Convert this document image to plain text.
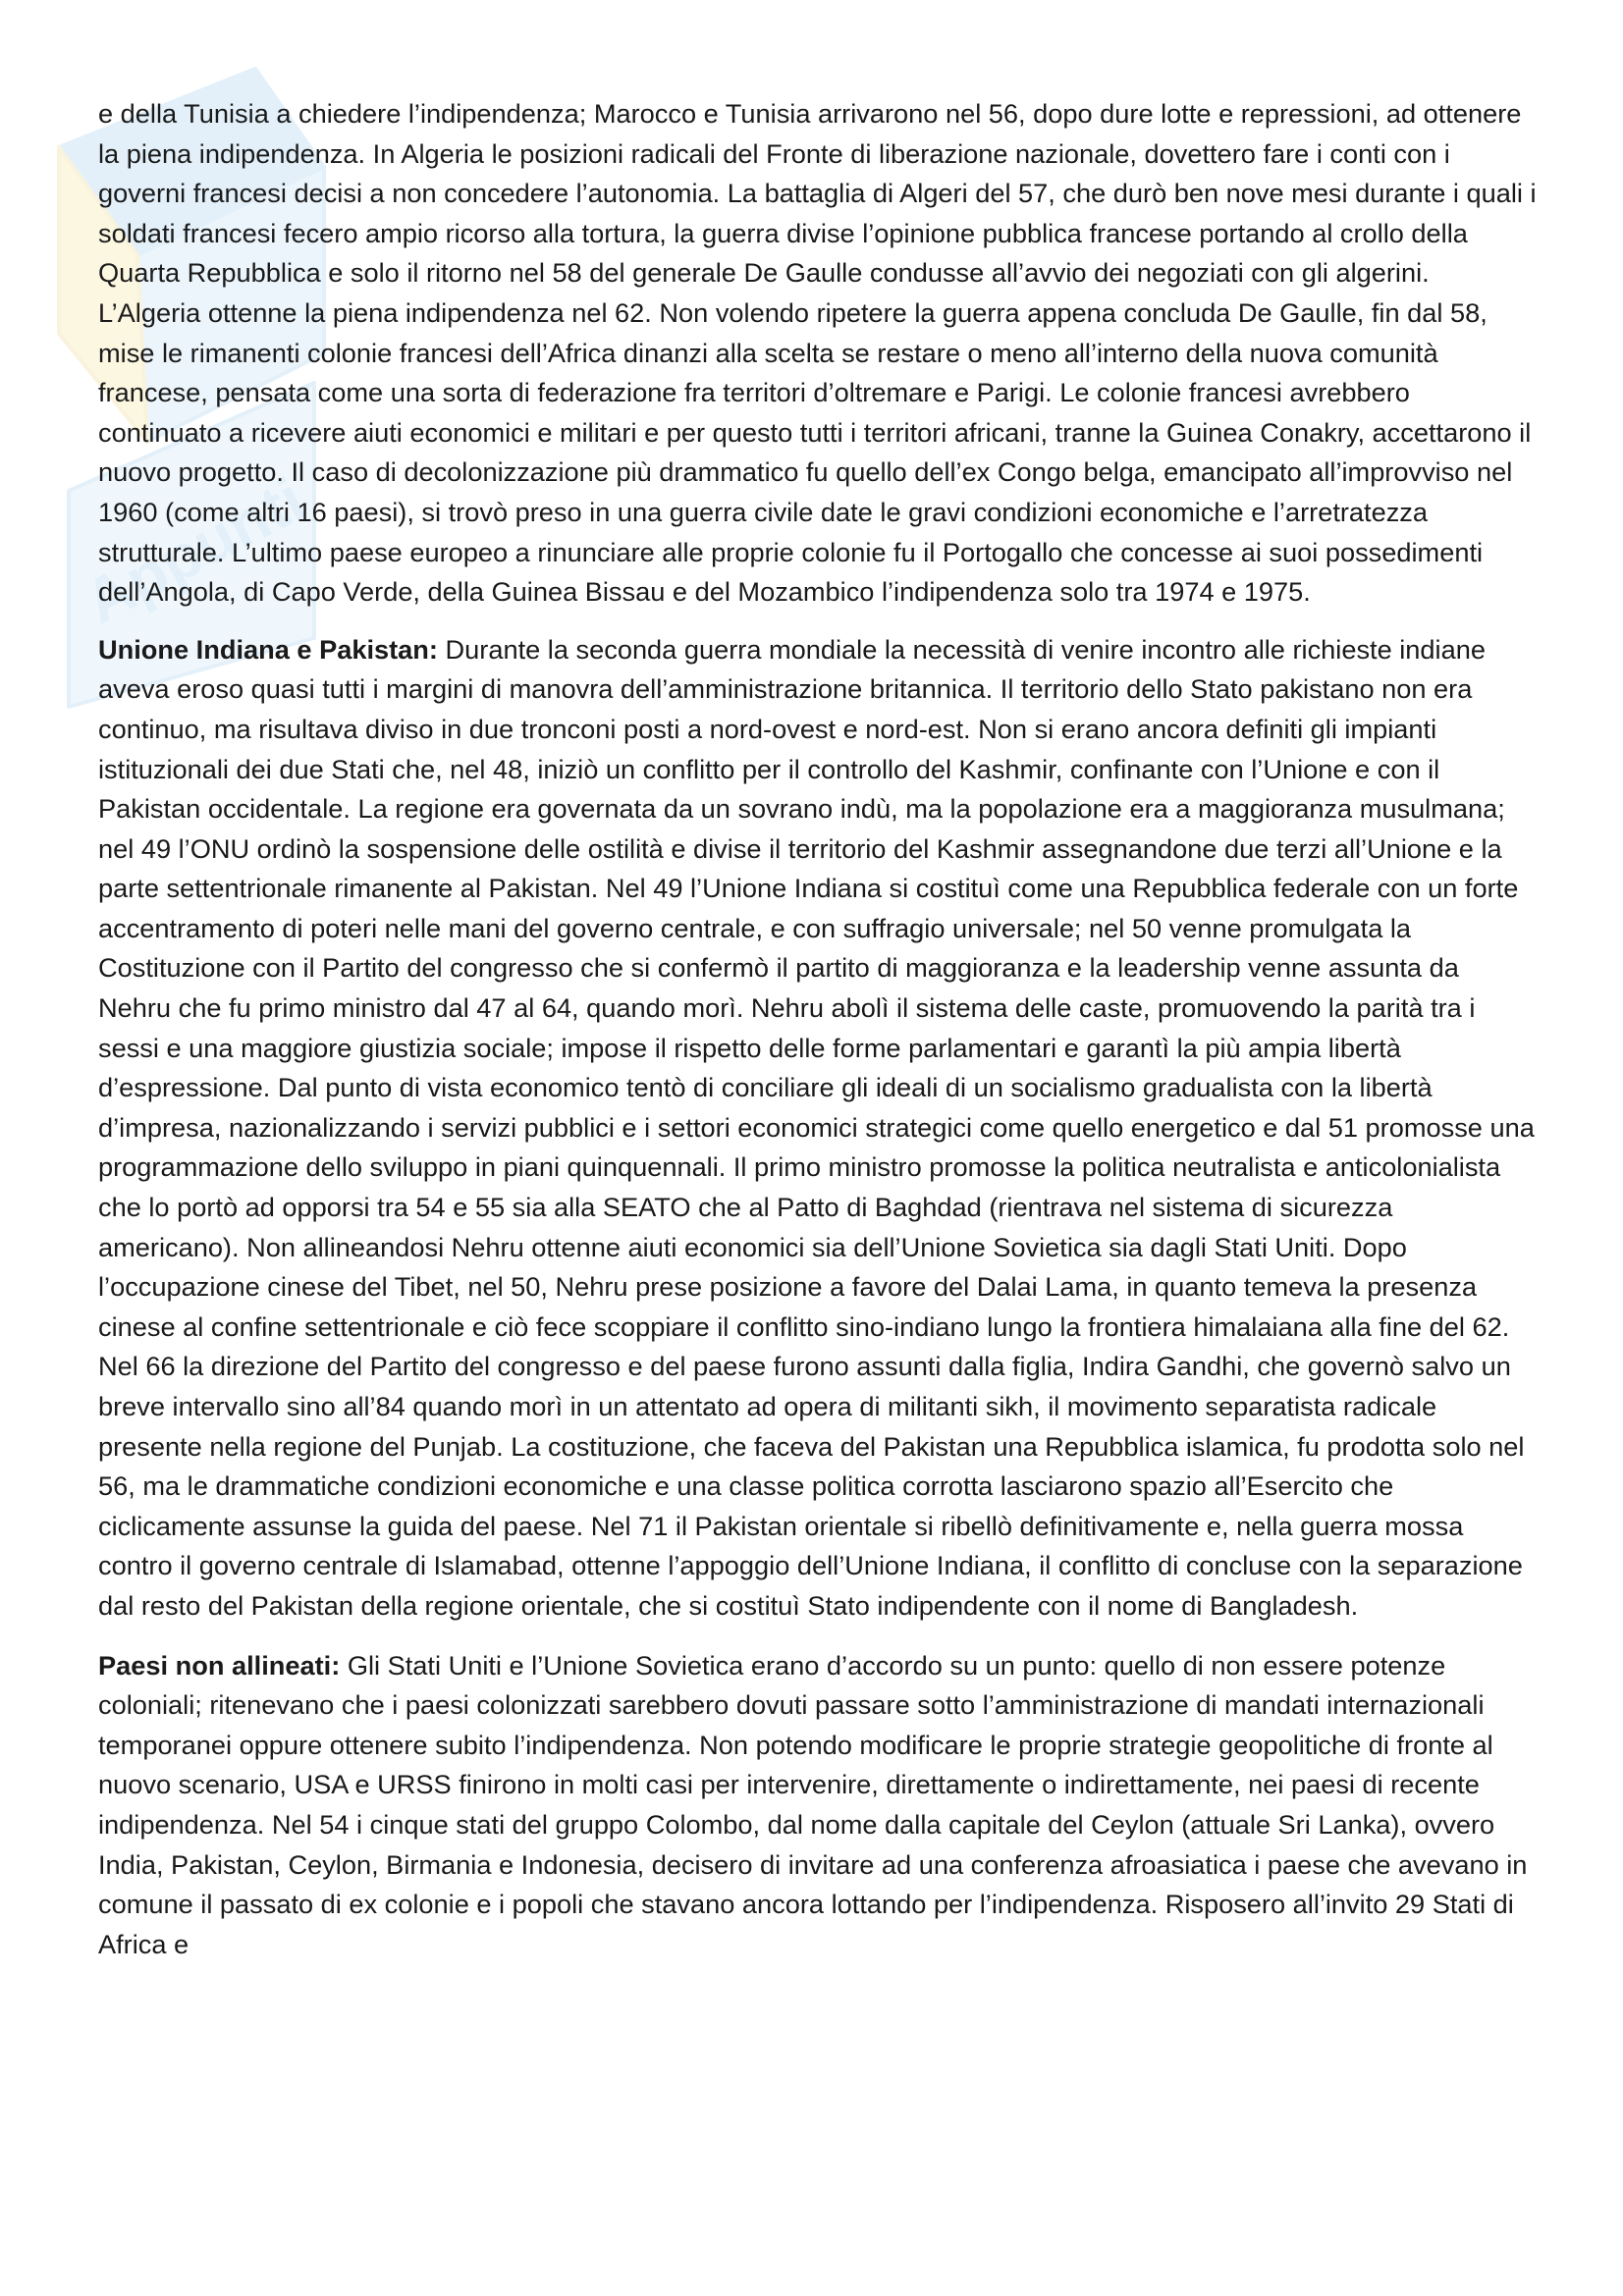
Appunti

e della Tunisia a chiedere l’indipendenza; Marocco e Tunisia arrivarono nel 56, dopo dure lotte e repressioni, ad ottenere la piena indipendenza. In Algeria le posizioni radicali del Fronte di liberazione nazionale, dovettero fare i conti con i governi francesi decisi a non concedere l’autonomia. La battaglia di Algeri del 57, che durò ben nove mesi durante i quali i soldati francesi fecero ampio ricorso alla tortura, la guerra divise l’opinione pubblica francese portando al crollo della Quarta Repubblica e solo il ritorno nel 58 del generale De Gaulle condusse all’avvio dei negoziati con gli algerini. L’Algeria ottenne la piena indipendenza nel 62. Non volendo ripetere la guerra appena concluda De Gaulle, fin dal 58, mise le rimanenti colonie francesi dell’Africa dinanzi alla scelta se restare o meno all’interno della nuova comunità francese, pensata come una sorta di federazione fra territori d’oltremare e Parigi. Le colonie francesi avrebbero continuato a ricevere aiuti economici e militari e per questo tutti i territori africani, tranne la Guinea Conakry, accettarono il nuovo progetto. Il caso di decolonizzazione più drammatico fu quello dell’ex Congo belga, emancipato all’improvviso nel 1960 (come altri 16 paesi), si trovò preso in una guerra civile date le gravi condizioni economiche e l’arretratezza strutturale. L’ultimo paese europeo a rinunciare alle proprie colonie fu il Portogallo che concesse ai suoi possedimenti dell’Angola, di Capo Verde, della Guinea Bissau e del Mozambico l’indipendenza solo tra 1974 e 1975.

Unione Indiana e Pakistan: Durante la seconda guerra mondiale la necessità di venire incontro alle richieste indiane aveva eroso quasi tutti i margini di manovra dell’amministrazione britannica. Il territorio dello Stato pakistano non era continuo, ma risultava diviso in due tronconi posti a nord-ovest e nord-est. Non si erano ancora definiti gli impianti istituzionali dei due Stati che, nel 48, iniziò un conflitto per il controllo del Kashmir, confinante con l’Unione e con il Pakistan occidentale. La regione era governata da un sovrano indù, ma la popolazione era a maggioranza musulmana; nel 49 l’ONU ordinò la sospensione delle ostilità e divise il territorio del Kashmir assegnandone due terzi all’Unione e la parte settentrionale rimanente al Pakistan. Nel 49 l’Unione Indiana si costituì come una Repubblica federale con un forte accentramento di poteri nelle mani del governo centrale, e con suffragio universale; nel 50 venne promulgata la Costituzione con il Partito del congresso che si confermò il partito di maggioranza e la leadership venne assunta da Nehru che fu primo ministro dal 47 al 64, quando morì. Nehru abolì il sistema delle caste, promuovendo la parità tra i sessi e una maggiore giustizia sociale; impose il rispetto delle forme parlamentari e garantì la più ampia libertà d’espressione. Dal punto di vista economico tentò di conciliare gli ideali di un socialismo gradualista con la libertà d’impresa, nazionalizzando i servizi pubblici e i settori economici strategici come quello energetico e dal 51 promosse una programmazione dello sviluppo in piani quinquennali. Il primo ministro promosse la politica neutralista e anticolonialista che lo portò ad opporsi tra 54 e 55 sia alla SEATO che al Patto di Baghdad (rientrava nel sistema di sicurezza americano). Non allineandosi Nehru ottenne aiuti economici sia dell’Unione Sovietica sia dagli Stati Uniti. Dopo l’occupazione cinese del Tibet, nel 50, Nehru prese posizione a favore del Dalai Lama, in quanto temeva la presenza cinese al confine settentrionale e ciò fece scoppiare il conflitto sino-indiano lungo la frontiera himalaiana alla fine del 62. Nel 66 la direzione del Partito del congresso e del paese furono assunti dalla figlia, Indira Gandhi, che governò salvo un breve intervallo sino all’84 quando morì in un attentato ad opera di militanti sikh, il movimento separatista radicale presente nella regione del Punjab. La costituzione, che faceva del Pakistan una Repubblica islamica, fu prodotta solo nel 56, ma le drammatiche condizioni economiche e una classe politica corrotta lasciarono spazio all’Esercito che ciclicamente assunse la guida del paese. Nel 71 il Pakistan orientale si ribellò definitivamente e, nella guerra mossa contro il governo centrale di Islamabad, ottenne l’appoggio dell’Unione Indiana, il conflitto di concluse con la separazione dal resto del Pakistan della regione orientale, che si costituì Stato indipendente con il nome di Bangladesh.

Paesi non allineati: Gli Stati Uniti e l’Unione Sovietica erano d’accordo su un punto: quello di non essere potenze coloniali; ritenevano che i paesi colonizzati sarebbero dovuti passare sotto l’amministrazione di mandati internazionali temporanei oppure ottenere subito l’indipendenza. Non potendo modificare le proprie strategie geopolitiche di fronte al nuovo scenario, USA e URSS finirono in molti casi per intervenire, direttamente o indirettamente, nei paesi di recente indipendenza. Nel 54 i cinque stati del gruppo Colombo, dal nome dalla capitale del Ceylon (attuale Sri Lanka), ovvero India, Pakistan, Ceylon, Birmania e Indonesia, decisero di invitare ad una conferenza afroasiatica i paese che avevano in comune il passato di ex colonie e i popoli che stavano ancora lottando per l’indipendenza. Risposero all’invito 29 Stati di Africa e
